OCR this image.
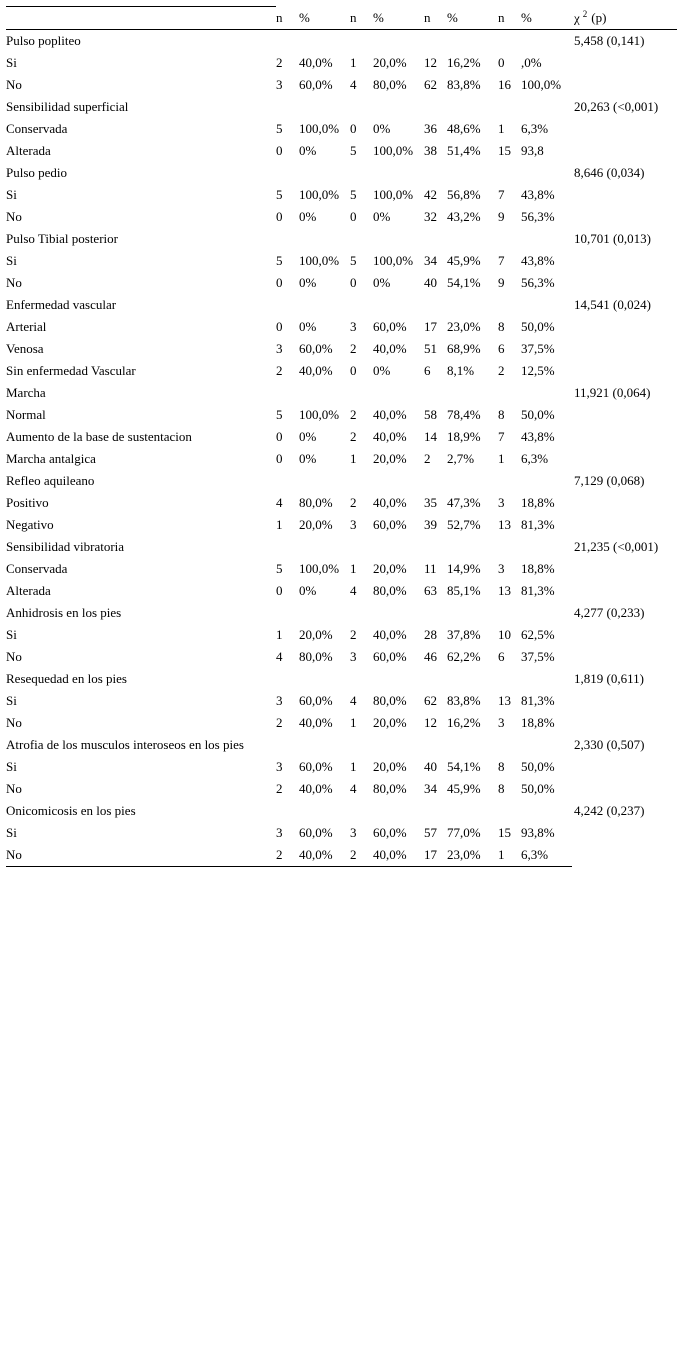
	n	%	n	%	n	%	n	%	χ $^2$ (p)
Pulso popliteo									5,458 (0,141)
Si	2	40,0%	1	20,0%	12	16,2%	0	,0%	
No	3	60,0%	4	80,0%	62	83,8%	16	100,0%	
Sensibilidad superficial									20,263 (<0,001)
Conservada	5	100,0%	0	0%	36	48,6%	1	6,3%	
Alterada	0	0%	5	100,0%	38	51,4%	15	93,8	
Pulso pedio									8,646 (0,034)
Si	5	100,0%	5	100,0%	42	56,8%	7	43,8%	
No	0	0%	0	0%	32	43,2%	9	56,3%	
Pulso Tibial posterior									10,701 (0,013)
Si	5	100,0%	5	100,0%	34	45,9%	7	43,8%	
No	0	0%	0	0%	40	54,1%	9	56,3%	
Enfermedad vascular									14,541 (0,024)
Arterial	0	0%	3	60,0%	17	23,0%	8	50,0%	
Venosa	3	60,0%	2	40,0%	51	68,9%	6	37,5%	
Sin enfermedad Vascular	2	40,0%	0	0%	6	8,1%	2	12,5%	
Marcha									11,921 (0,064)
Normal	5	100,0%	2	40,0%	58	78,4%	8	50,0%	
Aumento de la base de sustentacion	0	0%	2	40,0%	14	18,9%	7	43,8%	
Marcha antalgica	0	0%	1	20,0%	2	2,7%	1	6,3%	
Refleo aquileano									7,129 (0,068)
Positivo	4	80,0%	2	40,0%	35	47,3%	3	18,8%	
Negativo	1	20,0%	3	60,0%	39	52,7%	13	81,3%	
Sensibilidad vibratoria									21,235 (<0,001)
Conservada	5	100,0%	1	20,0%	11	14,9%	3	18,8%	
Alterada	0	0%	4	80,0%	63	85,1%	13	81,3%	
Anhidrosis en los pies									4,277 (0,233)
Si	1	20,0%	2	40,0%	28	37,8%	10	62,5%	
No	4	80,0%	3	60,0%	46	62,2%	6	37,5%	
Resequedad en los pies									1,819 (0,611)
Si	3	60,0%	4	80,0%	62	83,8%	13	81,3%	
No	2	40,0%	1	20,0%	12	16,2%	3	18,8%	
Atrofia de los musculos interoseos en los pies									2,330 (0,507)
Si	3	60,0%	1	20,0%	40	54,1%	8	50,0%	
No	2	40,0%	4	80,0%	34	45,9%	8	50,0%	
Onicomicosis en los pies									4,242 (0,237)
Si	3	60,0%	3	60,0%	57	77,0%	15	93,8%	
No	2	40,0%	2	40,0%	17	23,0%	1	6,3%	
